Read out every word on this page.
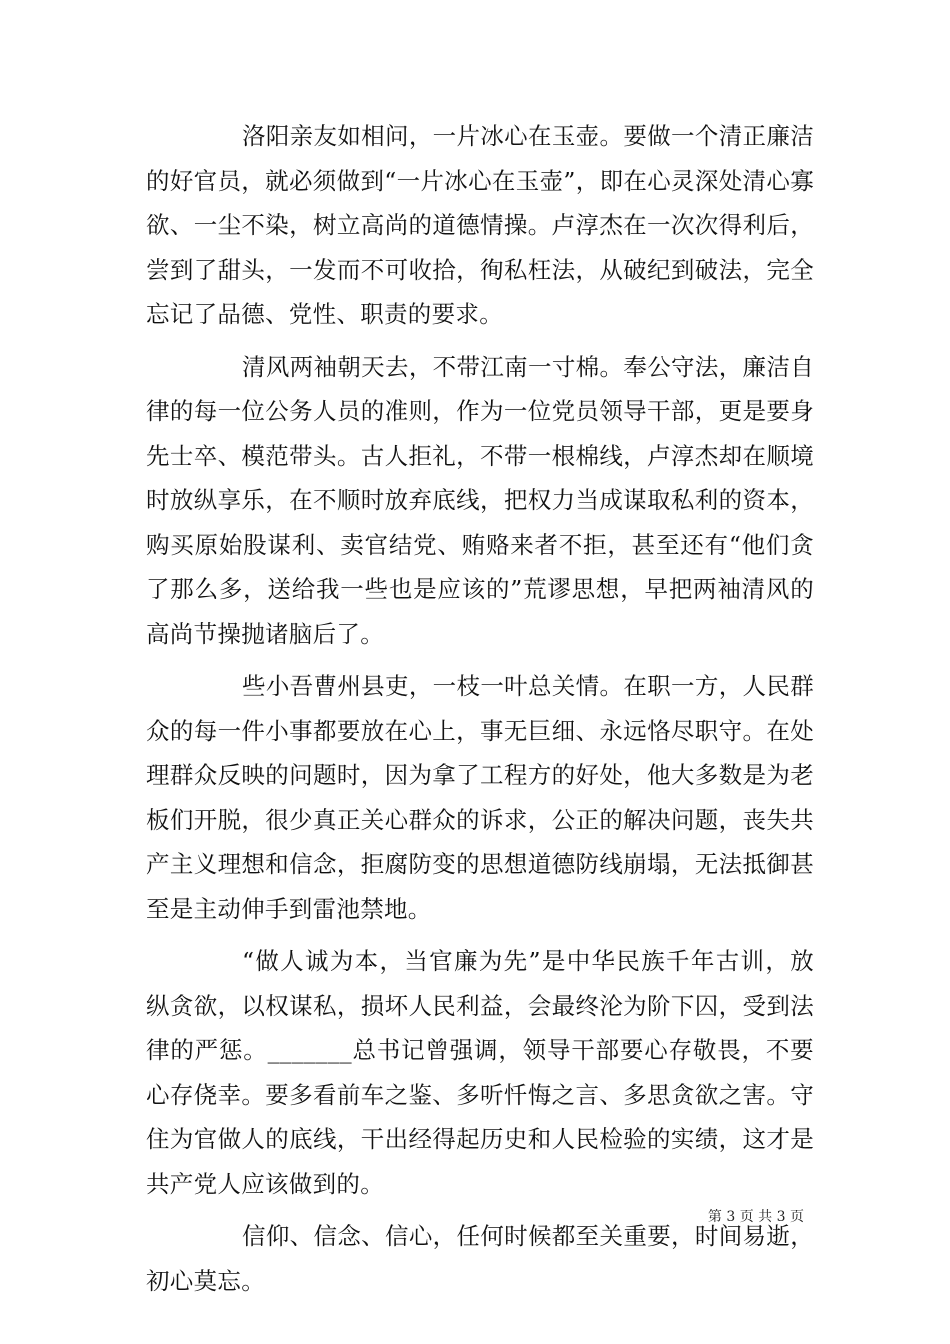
洛阳亲友如相问，一片冰心在玉壶。要做一个清正廉洁的好官员，就必须做到“一片冰心在玉壶”，即在心灵深处清心寡欲、一尘不染，树立高尚的道德情操。卢淳杰在一次次得利后，尝到了甜头，一发而不可收拾，徇私枉法，从破纪到破法，完全忘记了品德、党性、职责的要求。

清风两袖朝天去，不带江南一寸棉。奉公守法，廉洁自律的每一位公务人员的准则，作为一位党员领导干部，更是要身先士卒、模范带头。古人拒礼，不带一根棉线，卢淳杰却在顺境时放纵享乐，在不顺时放弃底线，把权力当成谋取私利的资本，购买原始股谋利、卖官结党、贿赂来者不拒，甚至还有“他们贪了那么多，送给我一些也是应该的”荒谬思想，早把两袖清风的高尚节操抛诸脑后了。

些小吾曹州县吏，一枝一叶总关情。在职一方，人民群众的每一件小事都要放在心上，事无巨细、永远恪尽职守。在处理群众反映的问题时，因为拿了工程方的好处，他大多数是为老板们开脱，很少真正关心群众的诉求，公正的解决问题，丧失共产主义理想和信念，拒腐防变的思想道德防线崩塌，无法抵御甚至是主动伸手到雷池禁地。

“做人诚为本，当官廉为先”是中华民族千年古训，放纵贪欲，以权谋私，损坏人民利益，会最终沦为阶下囚，受到法律的严惩。_______总书记曾强调，领导干部要心存敬畏，不要心存侥幸。要多看前车之鉴、多听忏悔之言、多思贪欲之害。守住为官做人的底线，干出经得起历史和人民检验的实绩，这才是共产党人应该做到的。

信仰、信念、信心，任何时候都至关重要，时间易逝，初心莫忘。

第 3 页 共 3 页
